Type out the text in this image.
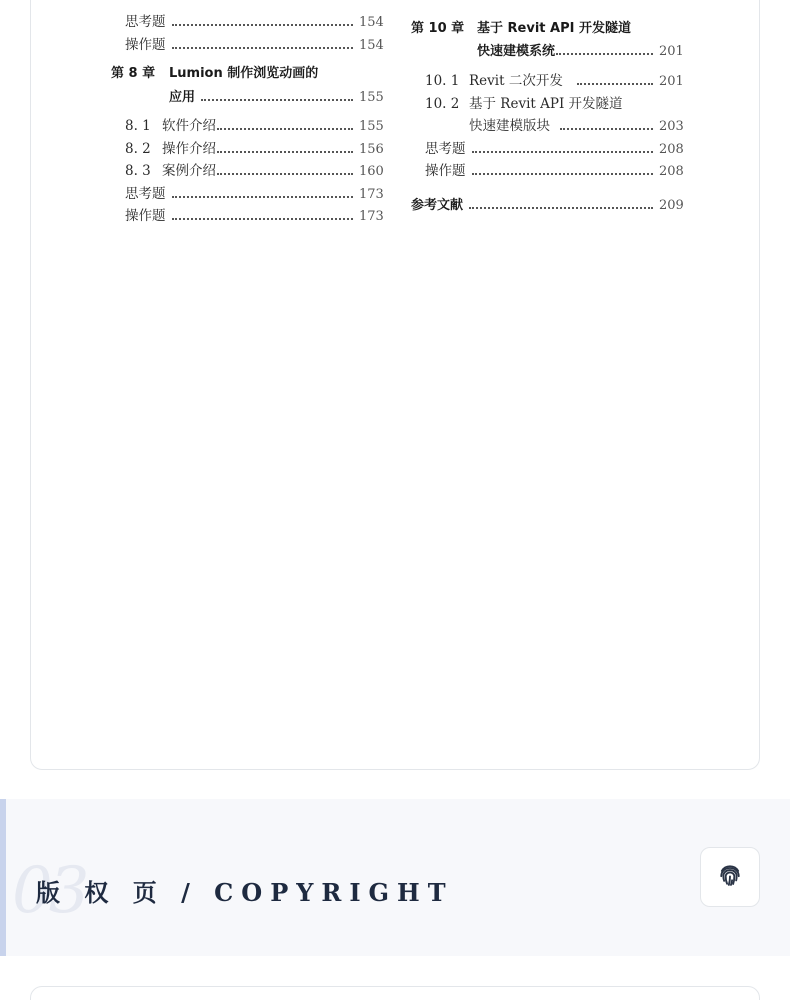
思考题	154
操作题	154
第 8 章 Lumion 制作浏览动画的
应用	155
8. 1 软件介绍	155
8. 2 操作介绍	156
8. 3 案例介绍	160
思考题	173
操作题	173
第 10 章 基于 Revit API 开发隧道
快速建模系统	201
10. 1 Revit 二次开发	201
10. 2 基于 Revit API 开发隧道
快速建模版块	203
思考题	208
操作题	208
参考文献	209
03
版 权 页 / COPYRIGHT
